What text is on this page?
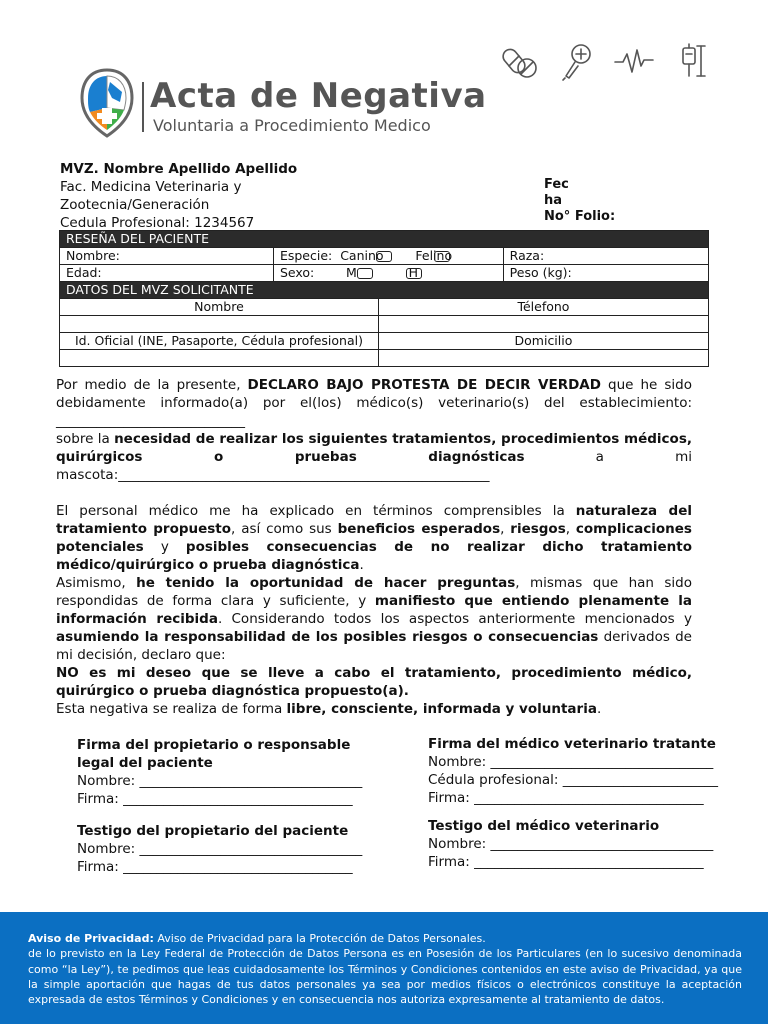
Acta de Negativa
Voluntaria a Procedimiento Medico
MVZ. Nombre Apellido Apellido
Fac. Medicina Veterinaria y
Zootecnia/Generación
Cedula Profesional: 1234567
Fec
ha
No° Folio:
RESEÑA DEL PACIENTE			
Nombre:	Especie: Canino Felino		Raza:
Edad:	Sexo: M H		Peso (kg):
DATOS DEL MVZ SOLICITANTE			
Nombre		Télefono	

Id. Oficial (INE, Pasaporte, Cédula profesional)		Domicilio	

Por medio de la presente, DECLARO BAJO PROTESTA DE DECIR VERDAD que he sido debidamente informado(a) por el(los) médico(s) veterinario(s) del establecimiento: ____________________________

sobre la necesidad de realizar los siguientes tratamientos, procedimientos médicos, quirúrgicos o pruebas diagnósticas a mi mascota:_______________________________________________________

El personal médico me ha explicado en términos comprensibles la naturaleza del tratamiento propuesto, así como sus beneficios esperados, riesgos, complicaciones potenciales y posibles consecuencias de no realizar dicho tratamiento médico/quirúrgico o prueba diagnóstica.

Asimismo, he tenido la oportunidad de hacer preguntas, mismas que han sido respondidas de forma clara y suficiente, y manifiesto que entiendo plenamente la información recibida. Considerando todos los aspectos anteriormente mencionados y asumiendo la responsabilidad de los posibles riesgos o consecuencias derivados de mi decisión, declaro que:

NO es mi deseo que se lleve a cabo el tratamiento, procedimiento médico, quirúrgico o prueba diagnóstica propuesto(a).

Esta negativa se realiza de forma libre, consciente, informada y voluntaria.

Firma del propietario o responsable
legal del paciente
Nombre: _________________________________
Firma: __________________________________
Firma del médico veterinario tratante
Nombre: _________________________________
Cédula profesional: _______________________
Firma: __________________________________
Testigo del propietario del paciente
Nombre: _________________________________
Firma: __________________________________
Testigo del médico veterinario
Nombre: _________________________________
Firma: __________________________________
Aviso de Privacidad: Aviso de Privacidad para la Protección de Datos Personales.
de lo previsto en la Ley Federal de Protección de Datos Persona es en Posesión de los Particulares (en lo sucesivo denominada como “la Ley”), te pedimos que leas cuidadosamente los Términos y Condiciones contenidos en este aviso de Privacidad, ya que la simple aportación que hagas de tus datos personales ya sea por medios físicos o electrónicos constituye la aceptación expresada de estos Términos y Condiciones y en consecuencia nos autoriza expresamente al tratamiento de datos.
